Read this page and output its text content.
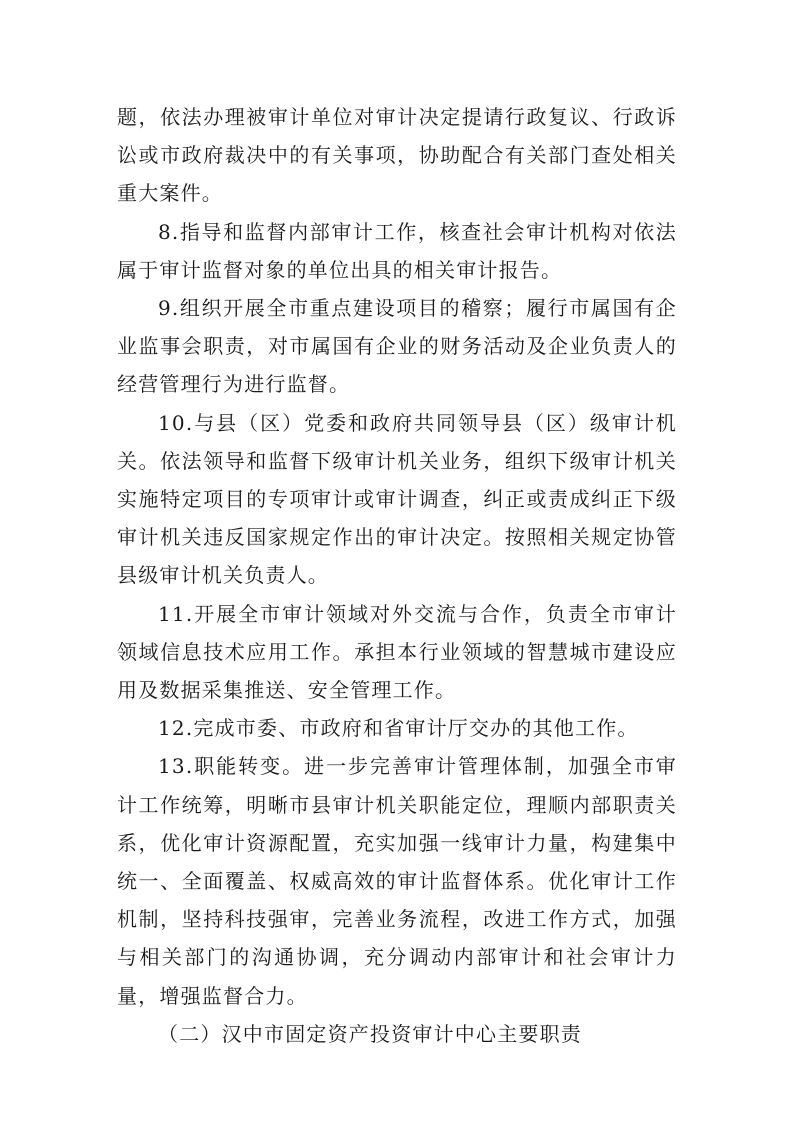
题，依法办理被审计单位对审计决定提请行政复议、行政诉讼或市政府裁决中的有关事项，协助配合有关部门查处相关重大案件。

8.指导和监督内部审计工作，核查社会审计机构对依法属于审计监督对象的单位出具的相关审计报告。

9.组织开展全市重点建设项目的稽察；履行市属国有企业监事会职责，对市属国有企业的财务活动及企业负责人的经营管理行为进行监督。

10.与县（区）党委和政府共同领导县（区）级审计机关。依法领导和监督下级审计机关业务，组织下级审计机关实施特定项目的专项审计或审计调查，纠正或责成纠正下级审计机关违反国家规定作出的审计决定。按照相关规定协管县级审计机关负责人。

11.开展全市审计领域对外交流与合作，负责全市审计领域信息技术应用工作。承担本行业领域的智慧城市建设应用及数据采集推送、安全管理工作。

12.完成市委、市政府和省审计厅交办的其他工作。

13.职能转变。进一步完善审计管理体制，加强全市审计工作统筹，明晰市县审计机关职能定位，理顺内部职责关系，优化审计资源配置，充实加强一线审计力量，构建集中统一、全面覆盖、权威高效的审计监督体系。优化审计工作机制，坚持科技强审，完善业务流程，改进工作方式，加强与相关部门的沟通协调，充分调动内部审计和社会审计力量，增强监督合力。

（二）汉中市固定资产投资审计中心主要职责
